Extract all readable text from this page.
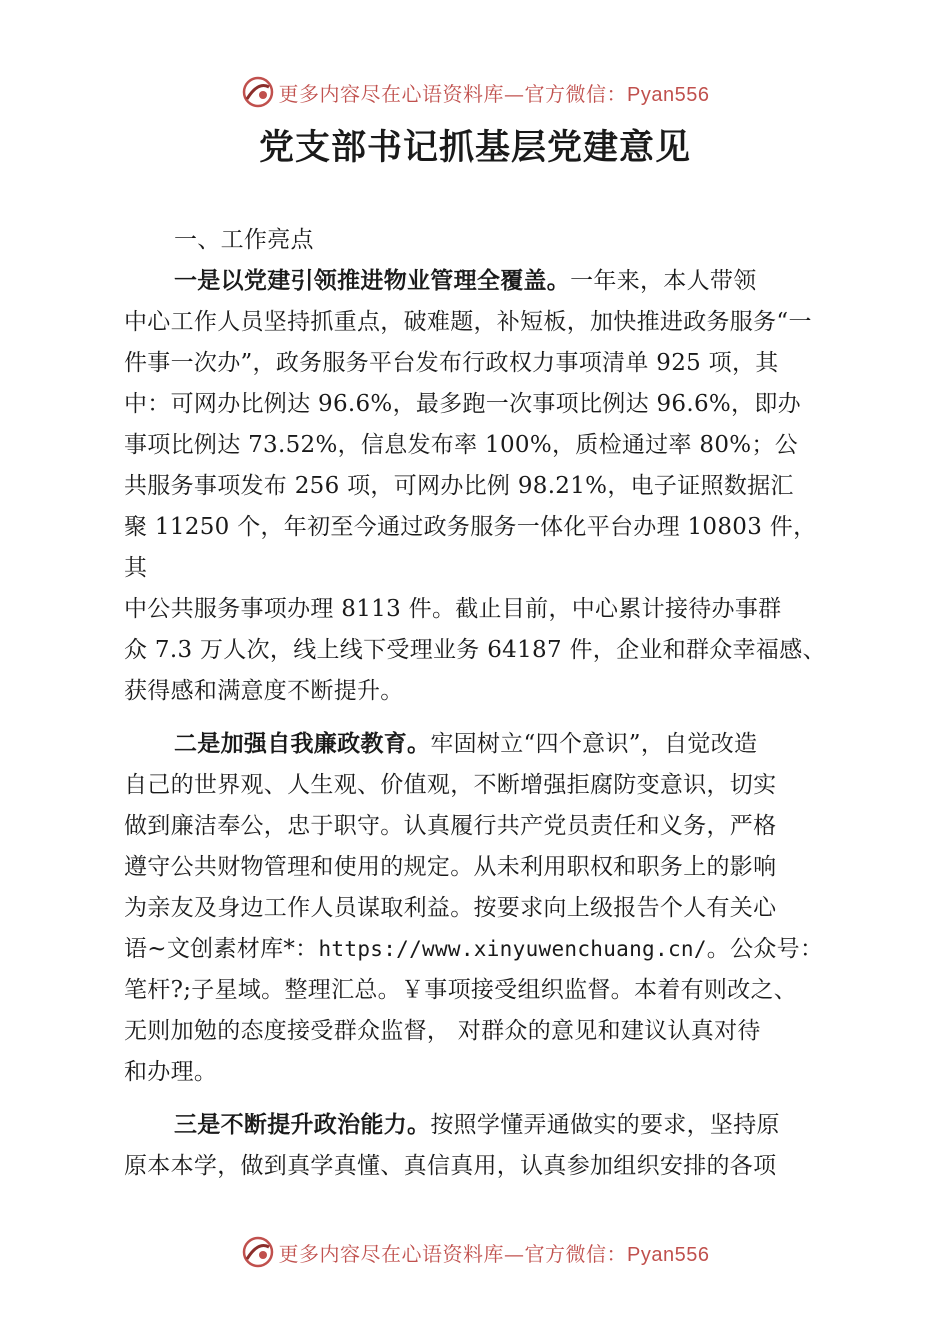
更多内容尽在心语资料库—官方微信：Pyan556
党支部书记抓基层党建意见
一、工作亮点
一是以党建引领推进物业管理全覆盖。一年来，本人带领
中心工作人员坚持抓重点，破难题，补短板，加快推进政务服务“一
件事一次办”，政务服务平台发布行政权力事项清单 925 项，其
中：可网办比例达 96.6%，最多跑一次事项比例达 96.6%，即办
事项比例达 73.52%，信息发布率 100%，质检通过率 80%；公
共服务事项发布 256 项，可网办比例 98.21%，电子证照数据汇
聚 11250 个，年初至今通过政务服务一体化平台办理 10803 件，
其
中公共服务事项办理 8113 件。截止目前，中心累计接待办事群
众 7.3 万人次，线上线下受理业务 64187 件，企业和群众幸福感、
获得感和满意度不断提升。
二是加强自我廉政教育。牢固树立“四个意识”，自觉改造
自己的世界观、人生观、价值观，不断增强拒腐防变意识，切实
做到廉洁奉公，忠于职守。认真履行共产党员责任和义务，严格
遵守公共财物管理和使用的规定。从未利用职权和职务上的影响
为亲友及身边工作人员谋取利益。按要求向上级报告个人有关心
语~文创素材库*：https://www.xinyuwenchuang.cn/。公众号：
笔杆?;子星域。整理汇总。￥事项接受组织监督。本着有则改之、
无则加勉的态度接受群众监督， 对群众的意见和建议认真对待
和办理。
三是不断提升政治能力。按照学懂弄通做实的要求，坚持原
原本本学，做到真学真懂、真信真用，认真参加组织安排的各项
更多内容尽在心语资料库—官方微信：Pyan556
